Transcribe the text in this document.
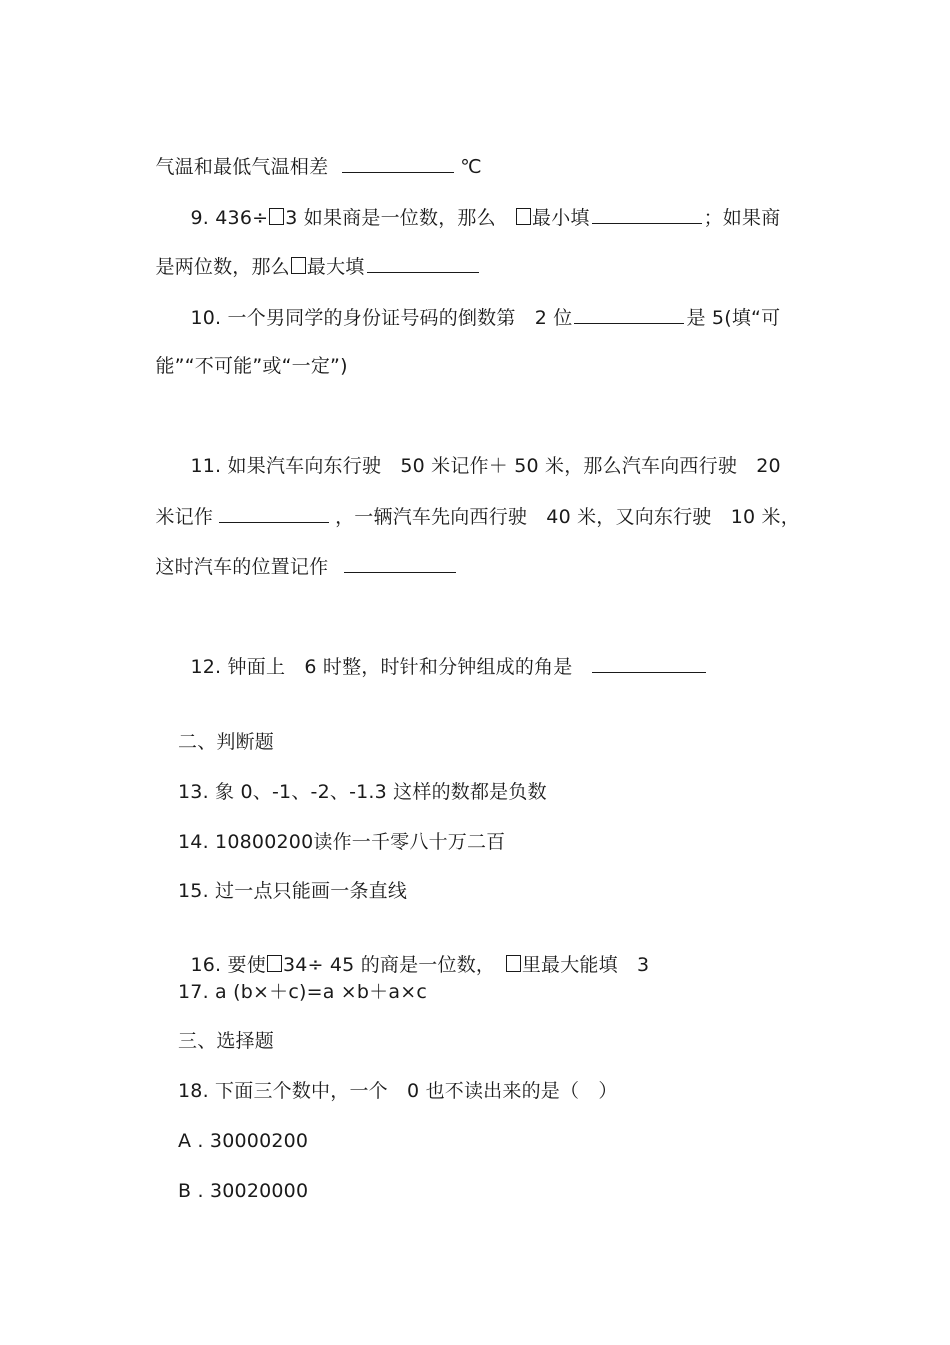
气温和最低气温相差	℃

9. 436÷ 3 如果商是一位数，那么　 最小填	；如果商

是两位数，那么 最大填

10. 一个男同学的身份证号码的倒数第　2 位	是 5(填“可

能”“不可能”或“一定”)

11. 如果汽车向东行驶　50 米记作＋ 50 米，那么汽车向西行驶　20

米记作	，一辆汽车先向西行驶　40 米，又向东行驶　10 米，

这时汽车的位置记作

12. 钟面上　6 时整，时针和分钟组成的角是

二、判断题
13. 象 0、-1、-2、-1.3 这样的数都是负数
14. 10800200读作一千零八十万二百
15. 过一点只能画一条直线

16. 要使 34÷ 45 的商是一位数，　 里最大能填　3

17. a (b×＋c)=a ×b＋a×c
三、选择题
18. 下面三个数中，一个　0 也不读出来的是（　）
A . 30000200
B . 30020000
